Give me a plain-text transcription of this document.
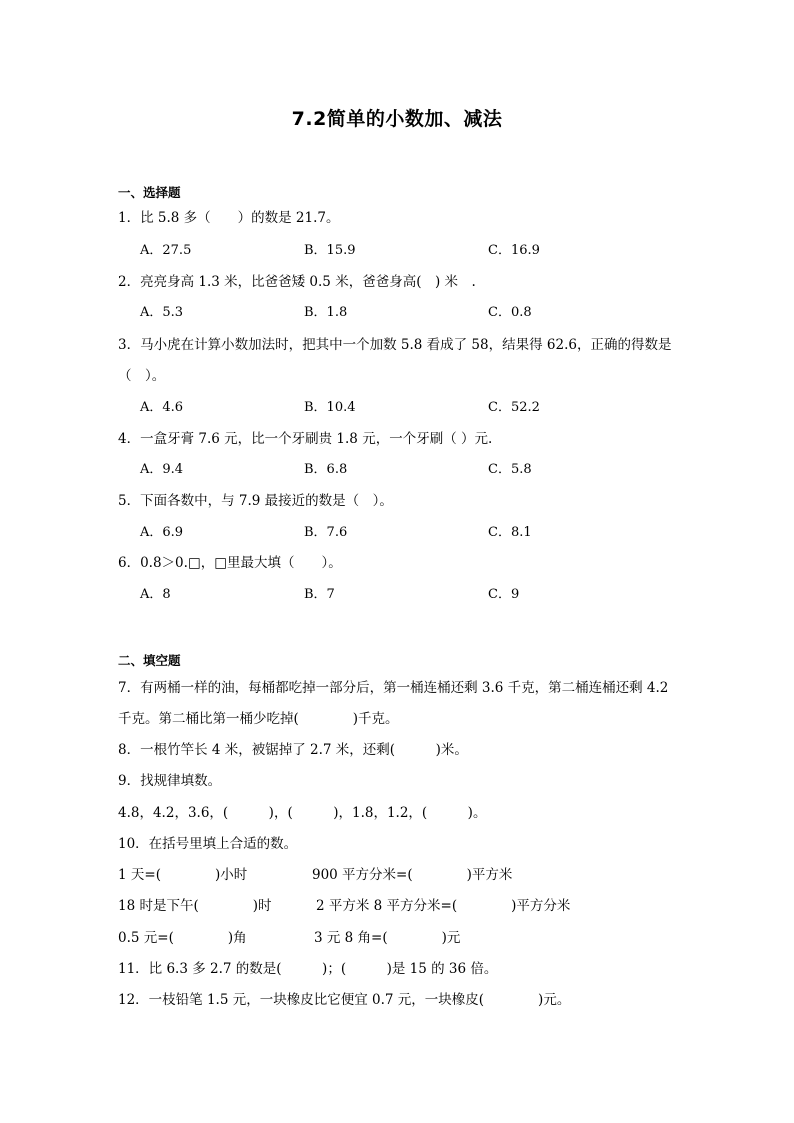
7.2简单的小数加、减法
一、选择题
1．比 5.8 多（　　）的数是 21.7。
A．27.5	B．15.9	C．16.9
2．亮亮身高 1.3 米，比爸爸矮 0.5 米，爸爸身高(　) 米　.
A．5.3	B．1.8	C．0.8
3．马小虎在计算小数加法时，把其中一个加数 5.8 看成了 58，结果得 62.6，正确的得数是
（　）。
A．4.6	B．10.4	C．52.2
4．一盒牙膏 7.6 元，比一个牙刷贵 1.8 元，一个牙刷（ ）元.
A．9.4	B．6.8	C．5.8
5．下面各数中，与 7.9 最接近的数是（　）。
A．6.9	B．7.6	C．8.1
6．0.8＞0.□，□里最大填（　　）。
A．8	B．7	C．9
二、填空题
7．有两桶一样的油，每桶都吃掉一部分后，第一桶连桶还剩 3.6 千克，第二桶连桶还剩 4.2
千克。第二桶比第一桶少吃掉(　　　　)千克。
8．一根竹竿长 4 米，被锯掉了 2.7 米，还剩(　　　)米。
9．找规律填数。
4.8，4.2，3.6，(　　　)，(　　　)，1.8，1.2，(　　　)。
10．在括号里填上合适的数。
1 天=(　　　　)小时	900 平方分米=(　　　　)平方米
18 时是下午(　　　　)时	2 平方米 8 平方分米=(　　　　)平方分米
0.5 元=(　　　　)角	3 元 8 角=(　　　　)元
11．比 6.3 多 2.7 的数是(　　　)；(　　　)是 15 的 36 倍。
12．一枝铅笔 1.5 元，一块橡皮比它便宜 0.7 元，一块橡皮(　　　　)元。
